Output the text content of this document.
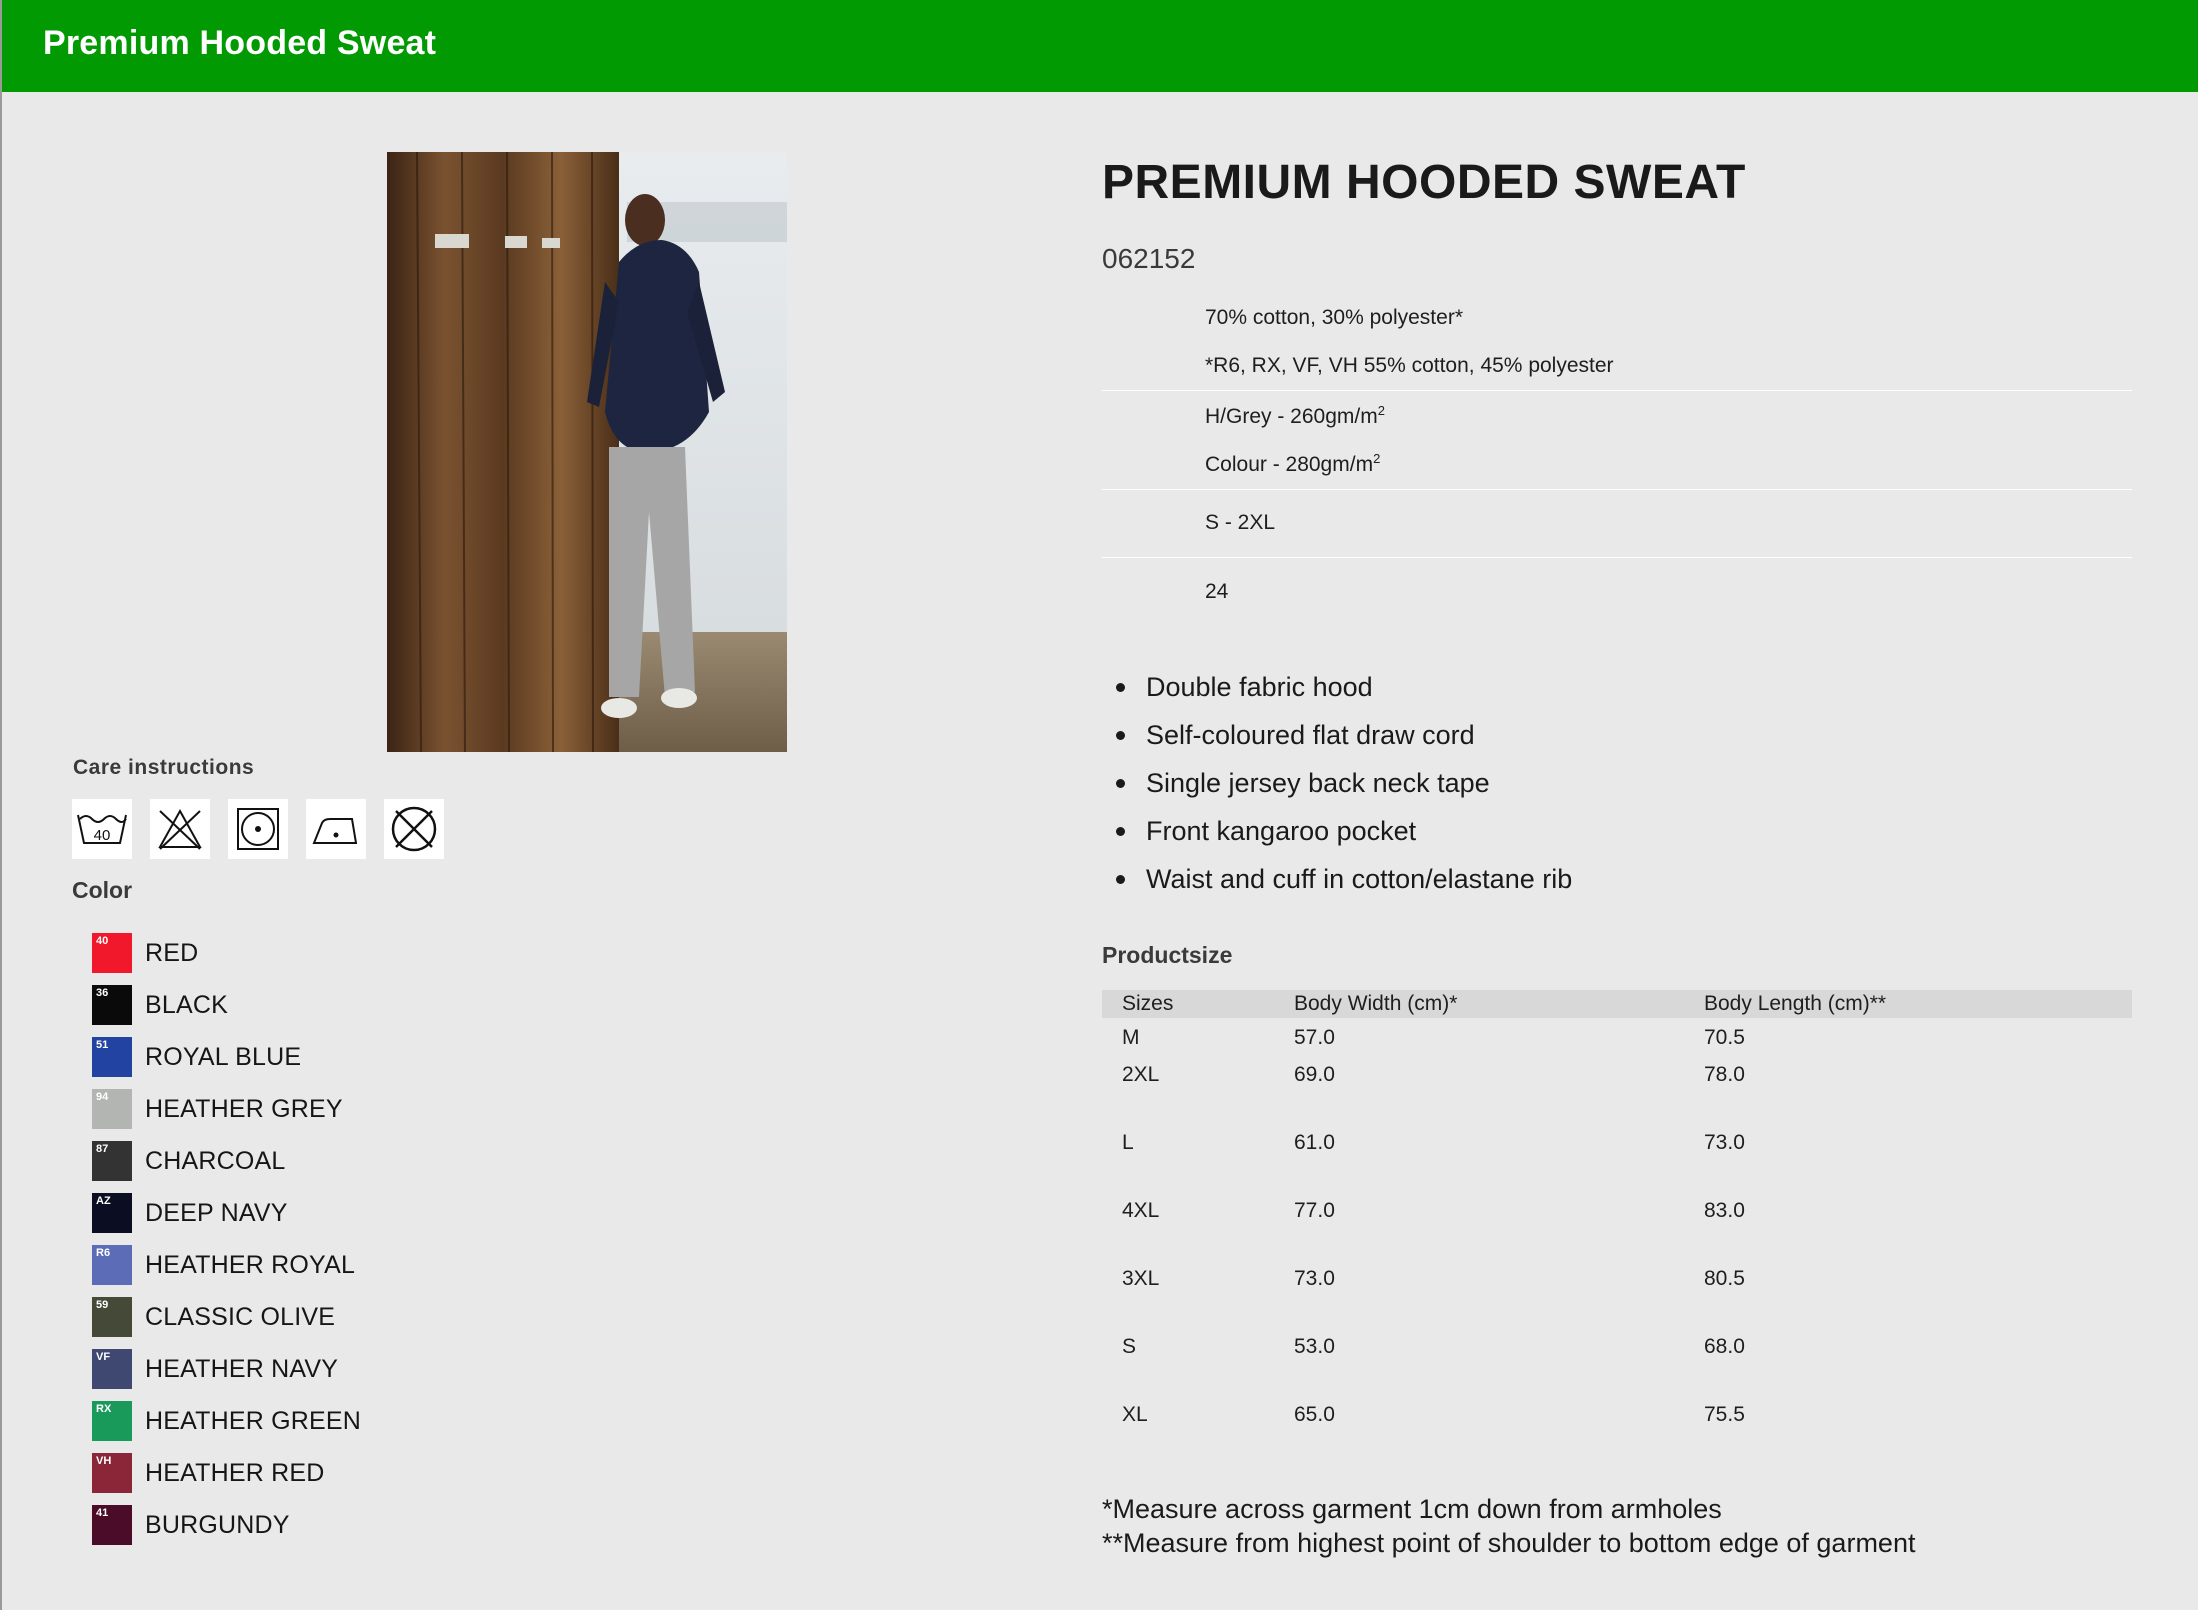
Premium Hooded Sweat
Care instructions
40
Color
40 RED
36 BLACK
51 ROYAL BLUE
94 HEATHER GREY
87 CHARCOAL
AZ DEEP NAVY
R6 HEATHER ROYAL
59 CLASSIC OLIVE
VF HEATHER NAVY
RX HEATHER GREEN
VH HEATHER RED
41 BURGUNDY
PREMIUM HOODED SWEAT
062152
70% cotton, 30% polyester*
*R6, RX, VF, VH 55% cotton, 45% polyester
H/Grey - $260gm/m^2$
Colour - $280gm/m^2$
S - 2XL
24
Double fabric hood
Self-coloured flat draw cord
Single jersey back neck tape
Front kangaroo pocket
Waist and cuff in cotton/elastane rib
Productsize
Sizes	Body Width (cm)*	Body Length (cm)**
M	57.0	70.5
2XL	69.0	78.0
L	61.0	73.0
4XL	77.0	83.0
3XL	73.0	80.5
S	53.0	68.0
XL	65.0	75.5
*Measure across garment 1cm down from armholes
**Measure from highest point of shoulder to bottom edge of garment
